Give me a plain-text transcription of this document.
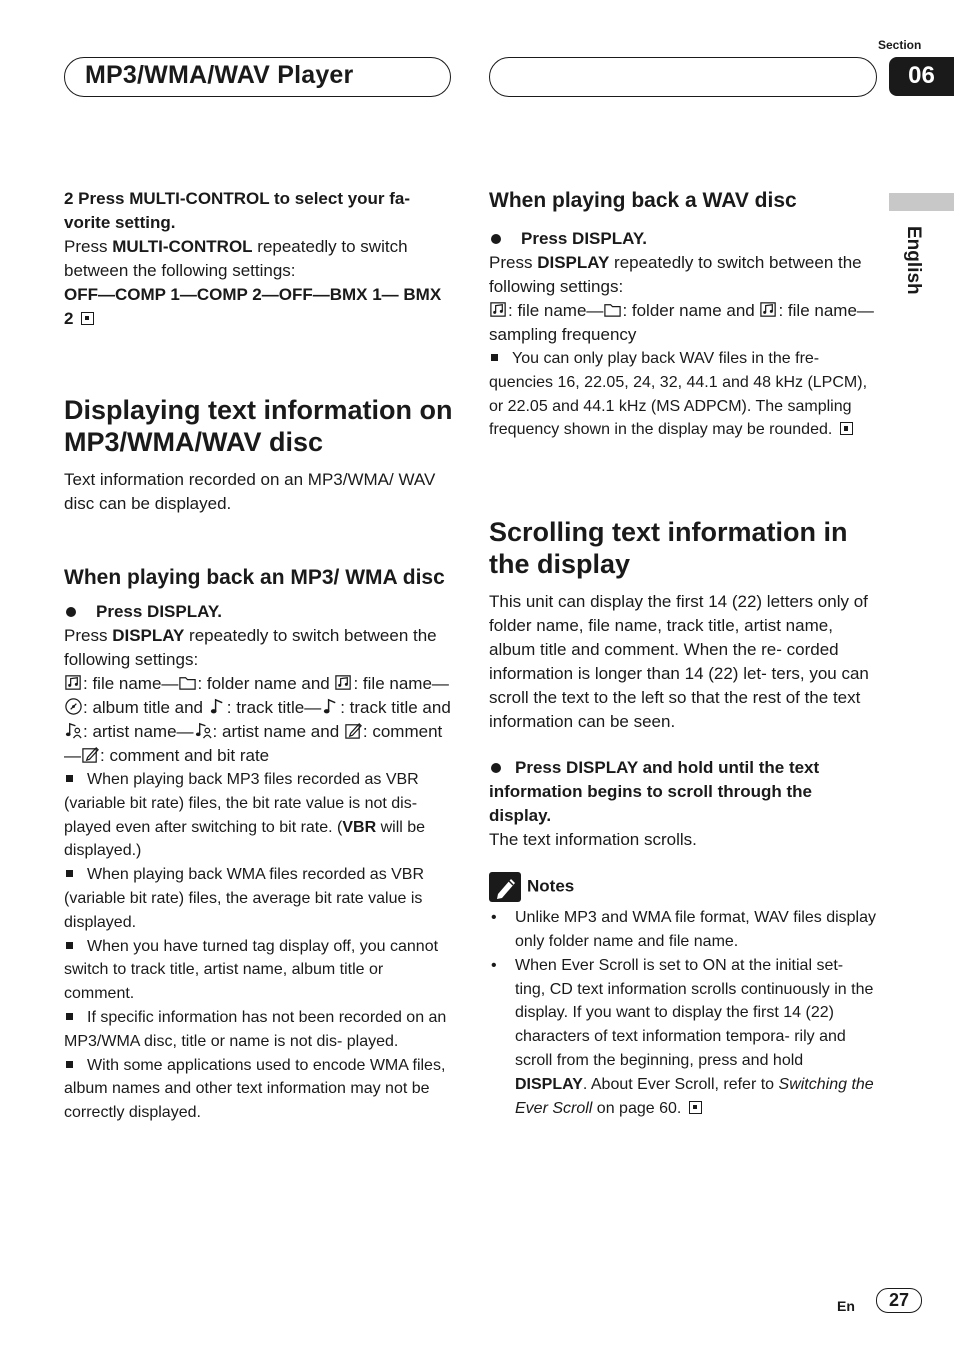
MP3/WMA/WAV Player
Section
06
English

2 Press MULTI-CONTROL to select your fa- vorite setting.

Press MULTI-CONTROL repeatedly to switch between the following settings:

OFF—COMP 1—COMP 2—OFF—BMX 1— BMX 2

Displaying text information on MP3/WMA/WAV disc

Text information recorded on an MP3/WMA/ WAV disc can be displayed.

When playing back an MP3/ WMA disc

Press DISPLAY.

Press DISPLAY repeatedly to switch between the following settings:

: file name— : folder name and : file name—: album title and : track title— : track title and : artist name— : artist name and : comment— : comment and bit rate

When playing back MP3 files recorded as VBR (variable bit rate) files, the bit rate value is not dis- played even after switching to bit rate. (VBR will be displayed.)

When playing back WMA files recorded as VBR (variable bit rate) files, the average bit rate value is displayed.

When you have turned tag display off, you cannot switch to track title, artist name, album title or comment.

If specific information has not been recorded on an MP3/WMA disc, title or name is not dis- played.

With some applications used to encode WMA files, album names and other text information may not be correctly displayed.

When playing back a WAV disc

Press DISPLAY.

Press DISPLAY repeatedly to switch between the following settings:

: file name— : folder name and : file name—sampling frequency

You can only play back WAV files in the fre- quencies 16, 22.05, 24, 32, 44.1 and 48 kHz (LPCM), or 22.05 and 44.1 kHz (MS ADPCM). The sampling frequency shown in the display may be rounded.

Scrolling text information in the display

This unit can display the first 14 (22) letters only of folder name, file name, track title, artist name, album title and comment. When the re- corded information is longer than 14 (22) let- ters, you can scroll the text to the left so that the rest of the text information can be seen.

Press DISPLAY and hold until the text information begins to scroll through the display.

The text information scrolls.

Notes

• Unlike MP3 and WMA file format, WAV files display only folder name and file name.

• When Ever Scroll is set to ON at the initial set- ting, CD text information scrolls continuously in the display. If you want to display the first 14 (22) characters of text information tempora- rily and scroll from the beginning, press and hold DISPLAY. About Ever Scroll, refer to Switching the Ever Scroll on page 60.

En	27
